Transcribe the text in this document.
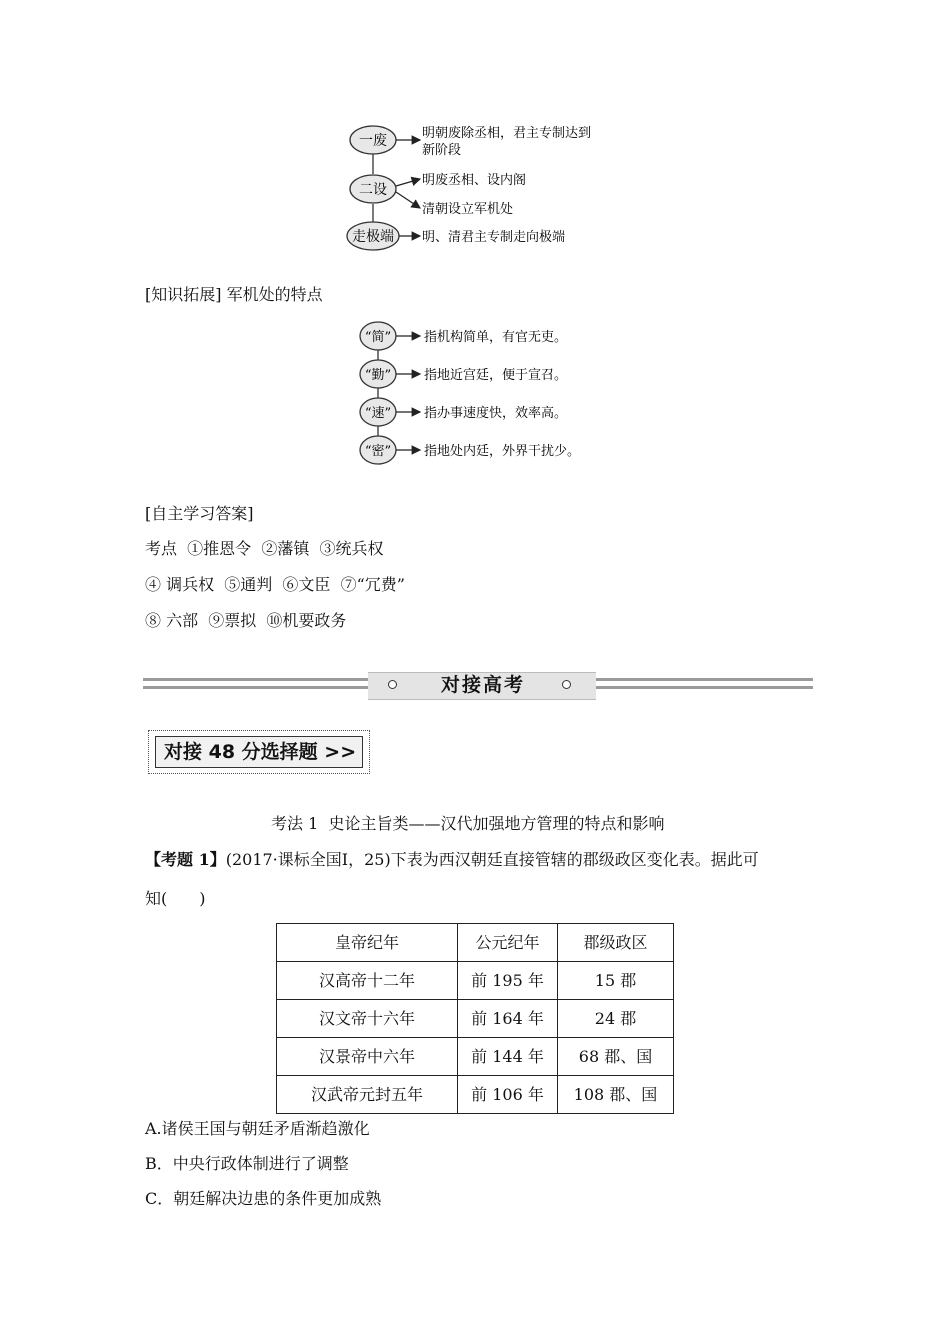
一废
二设
走极端
明朝废除丞相，君主专制达到
新阶段
明废丞相、设内阁
清朝设立军机处
明、清君主专制走向极端
[知识拓展] 军机处的特点
“简”
“勤”
“速”
“密”
指机构简单，有官无吏。
指地近宫廷，便于宣召。
指办事速度快，效率高。
指地处内廷，外界干扰少。
[自主学习答案]
考点  ①推恩令  ②藩镇  ③统兵权
④ 调兵权  ⑤通判  ⑥文臣  ⑦“冗费”
⑧ 六部  ⑨票拟  ⑩机要政务
对接高考
对接 48 分选择题 >>
考法 1  史论主旨类——汉代加强地方管理的特点和影响
【考题 1】(2017·课标全国Ⅰ，25)下表为西汉朝廷直接管辖的郡级政区变化表。据此可
知(　　)
皇帝纪年	公元纪年	郡级政区
汉高帝十二年	前 195 年	15 郡
汉文帝十六年	前 164 年	24 郡
汉景帝中六年	前 144 年	68 郡、国
汉武帝元封五年	前 106 年	108 郡、国
A.诸侯王国与朝廷矛盾渐趋激化
B．中央行政体制进行了调整
C．朝廷解决边患的条件更加成熟
